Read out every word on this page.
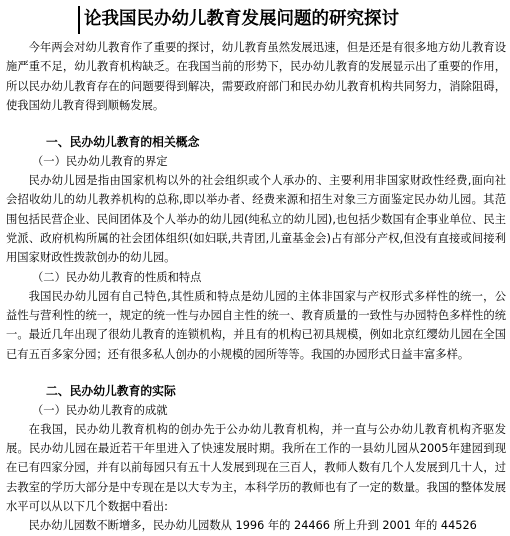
论我国民办幼儿教育发展问题的研究探讨

今年两会对幼儿教育作了重要的探讨，幼儿教育虽然发展迅速，但是还是有很多地方幼儿教育设施严重不足，幼儿教育机构缺乏。在我国当前的形势下，民办幼儿教育的发展显示出了重要的作用，所以民办幼儿教育存在的问题要得到解决，需要政府部门和民办幼儿教育机构共同努力，消除阻碍，使我国幼儿教育得到顺畅发展。

一、民办幼儿教育的相关概念

（一）民办幼儿教育的界定

民办幼儿园是指由国家机构以外的社会组织或个人承办的、主要利用非国家财政性经费,面向社会招收幼儿的幼儿教养机构的总称,即以举办者、经费来源和招生对象三方面鉴定民办幼儿园。其范围包括民营企业、民间团体及个人举办的幼儿园(纯私立的幼儿园),也包括少数国有企事业单位、民主党派、政府机构所属的社会团体组织(如妇联,共青团,儿童基金会)占有部分产权,但没有直接或间接利用国家财政性拨款创办的幼儿园。

（二）民办幼儿教育的性质和特点

我国民办幼儿园有自己特色,其性质和特点是幼儿园的主体非国家与产权形式多样性的统一，公益性与营利性的统一，规定的统一性与办园自主性的统一、教育质量的一致性与办园特色多样性的统一。最近几年出现了很幼儿教育的连锁机构，并且有的机构已初具规模，例如北京红缨幼儿园在全国已有五百多家分园；还有很多私人创办的小规模的园所等等。我国的办园形式日益丰富多样。

二、民办幼儿教育的实际

（一）民办幼儿教育的成就

在我国，民办幼儿教育机构的创办先于公办幼儿教育机构，并一直与公办幼儿教育机构齐驱发展。民办幼儿园在最近若干年里进入了快速发展时期。我所在工作的一县幼儿园从2005年建园到现在已有四家分园，并有以前每园只有五十人发展到现在三百人，教师人数有几个人发展到几十人，过去教室的学历大部分是中专现在是以大专为主，本科学历的教师也有了一定的数量。我国的整体发展水平可以从以下几个数据中看出:

民办幼儿园数不断增多，民办幼儿园数从 1996 年的 24466 所上升到 2001 年的 44526
